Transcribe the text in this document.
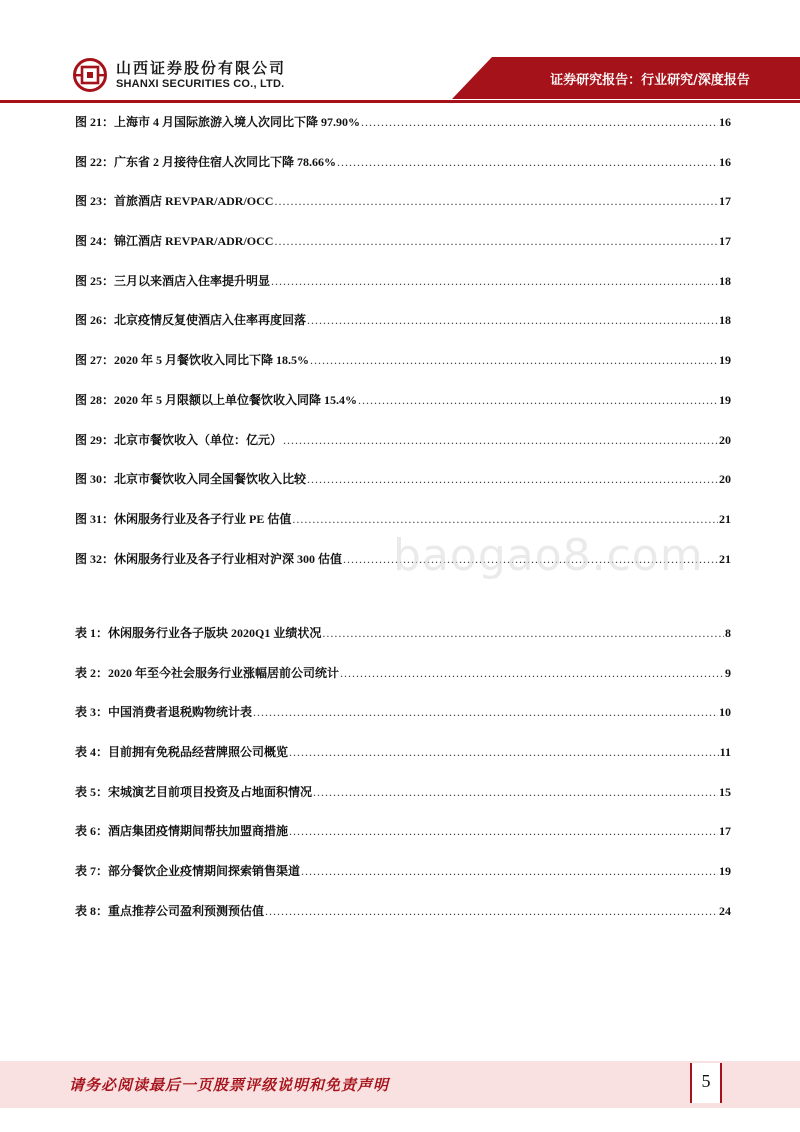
山西证券股份有限公司
SHANXI SECURITIES CO., LTD.	证券研究报告：行业研究/深度报告
图 21： 上海市 4 月国际旅游入境人次同比下降 97.90% .....	16
图 22： 广东省 2 月接待住宿人次同比下降 78.66% .....	16
图 23： 首旅酒店 REVPAR/ADR/OCC .....	17
图 24： 锦江酒店 REVPAR/ADR/OCC .....	17
图 25： 三月以来酒店入住率提升明显 .....	18
图 26： 北京疫情反复使酒店入住率再度回落 .....	18
图 27： 2020 年 5 月餐饮收入同比下降 18.5% .....	19
图 28： 2020 年 5 月限额以上单位餐饮收入同降 15.4% .....	19
图 29： 北京市餐饮收入（单位：亿元） .....	20
图 30： 北京市餐饮收入同全国餐饮收入比较 .....	20
图 31： 休闲服务行业及各子行业 PE 估值 .....	21
图 32： 休闲服务行业及各子行业相对沪深 300 估值 .....	21
baogao8.com
表 1： 休闲服务行业各子版块 2020Q1 业绩状况 .....	8
表 2： 2020 年至今社会服务行业涨幅居前公司统计 .....	9
表 3： 中国消费者退税购物统计表 .....	10
表 4： 目前拥有免税品经营牌照公司概览 .....	11
表 5： 宋城演艺目前项目投资及占地面积情况 .....	15
表 6： 酒店集团疫情期间帮扶加盟商措施 .....	17
表 7： 部分餐饮企业疫情期间探索销售渠道 .....	19
表 8： 重点推荐公司盈利预测预估值 .....	24
请务必阅读最后一页股票评级说明和免责声明	5
